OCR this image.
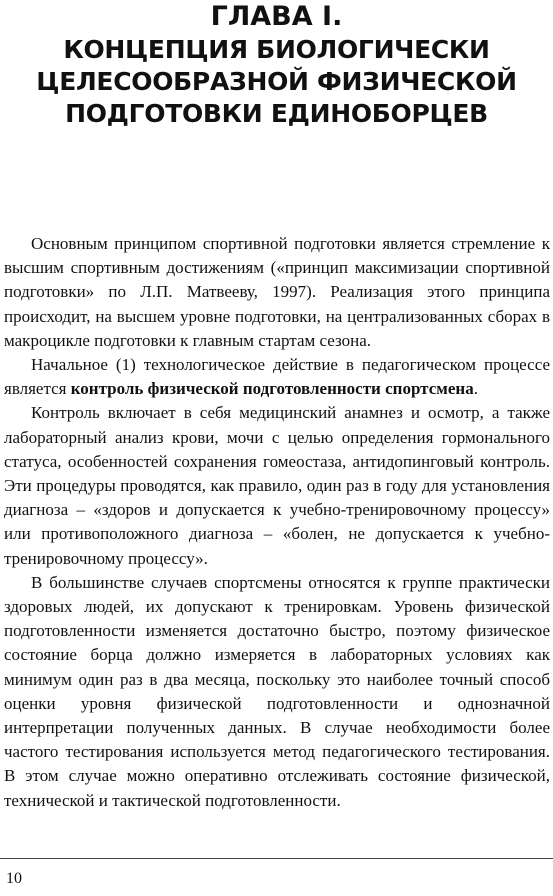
ГЛАВА I.
КОНЦЕПЦИЯ БИОЛОГИЧЕСКИ
ЦЕЛЕСООБРАЗНОЙ ФИЗИЧЕСКОЙ
ПОДГОТОВКИ ЕДИНОБОРЦЕВ

Основным принципом спортивной подготовки является стремление к высшим спортивным достижениям («принцип максимизации спортивной подготовки» по Л.П. Матвееву, 1997). Реализация этого принципа происходит, на высшем уровне подготовки, на централизованных сборах в макроцикле подготовки к главным стартам сезона.

Начальное (1) технологическое действие в педагогическом процессе является контроль физической подготовленности спортсмена.

Контроль включает в себя медицинский анамнез и осмотр, а также лабораторный анализ крови, мочи с целью определения гормонального статуса, особенностей сохранения гомеостаза, антидопинговый контроль. Эти процедуры проводятся, как правило, один раз в году для установления диагноза – «здоров и допускается к учебно-тренировочному процессу» или противоположного диагноза – «болен, не допускается к учебно-тренировочному процессу».

В большинстве случаев спортсмены относятся к группе практически здоровых людей, их допускают к тренировкам. Уровень физической подготовленности изменяется достаточно быстро, поэтому физическое состояние борца должно измеряется в лабораторных условиях как минимум один раз в два месяца, поскольку это наиболее точный способ оценки уровня физической подготовленности и однозначной интерпретации полученных данных. В случае необходимости более частого тестирования используется метод педагогического тестирования. В этом случае можно оперативно отслеживать состояние физической, технической и тактической подготовленности.

10
